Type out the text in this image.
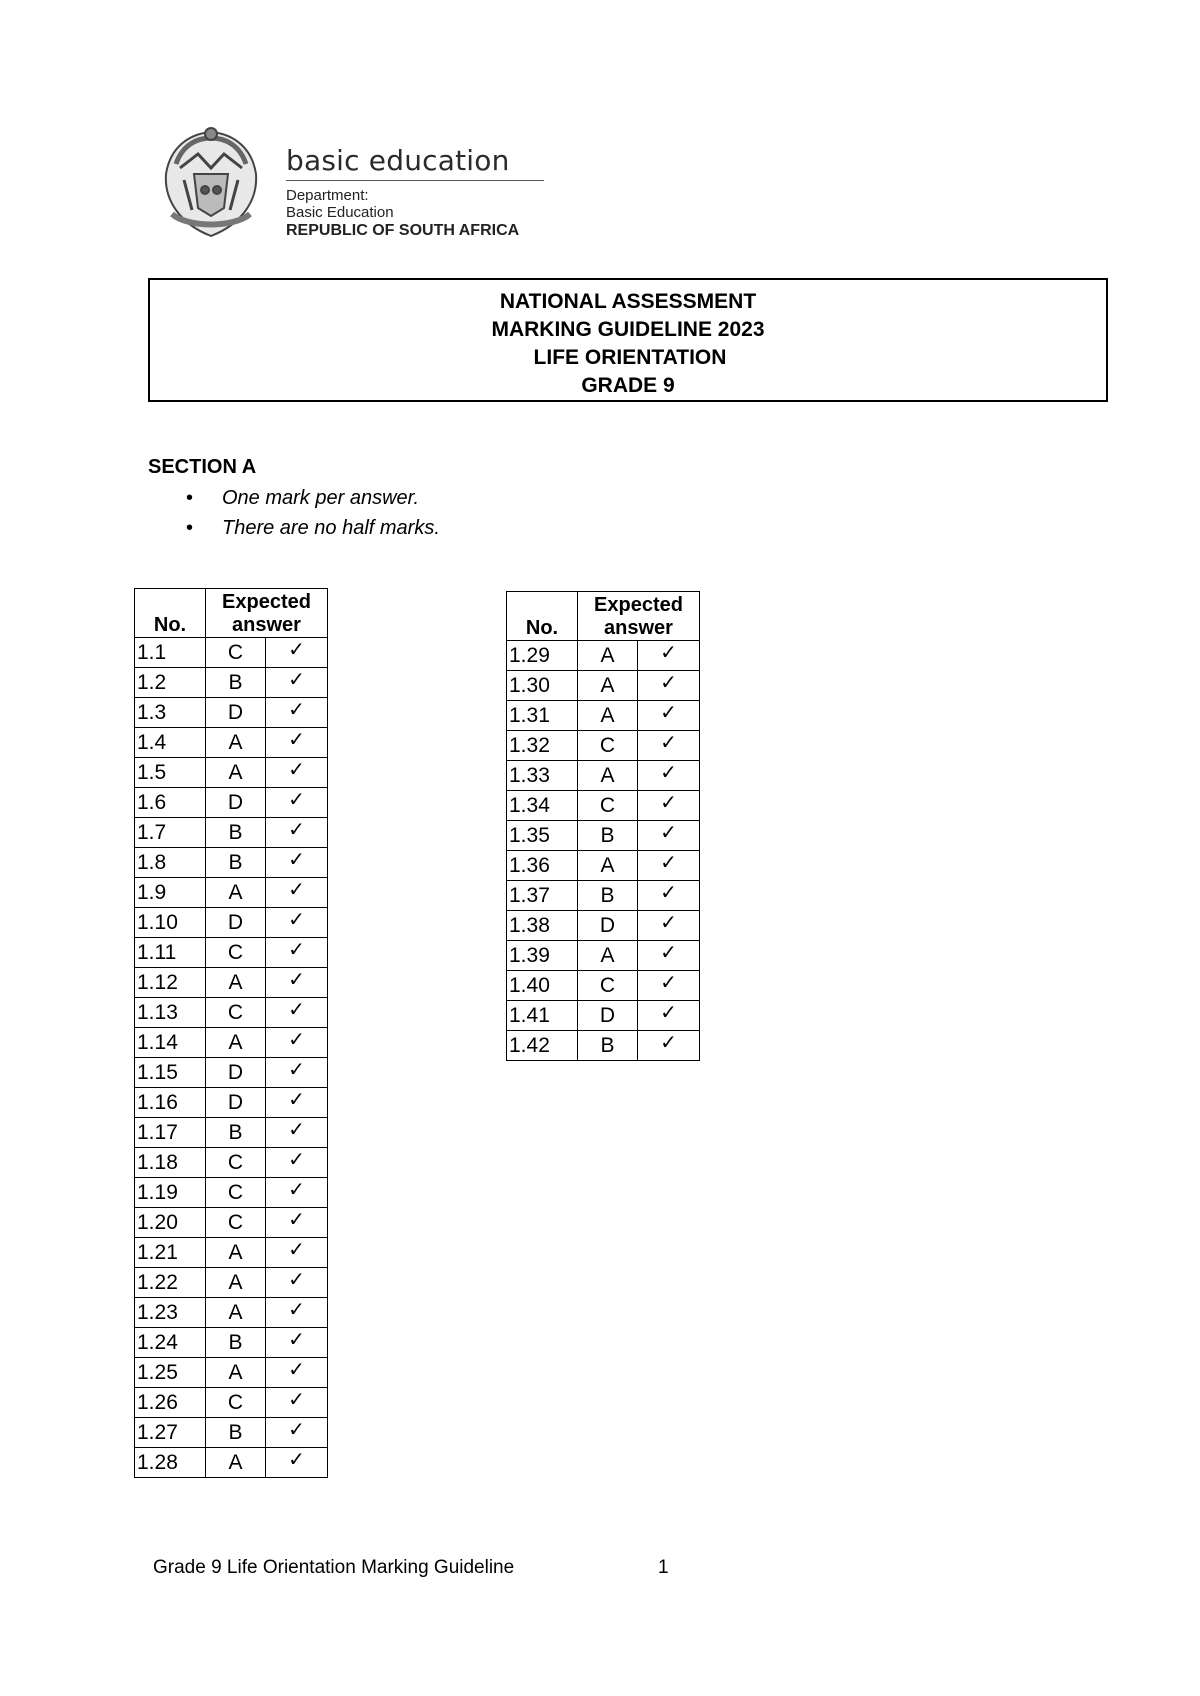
basic education
Department:
Basic Education
REPUBLIC OF SOUTH AFRICA
NATIONAL ASSESSMENT
MARKING GUIDELINE 2023
LIFE ORIENTATION
GRADE 9
SECTION A
• One mark per answer.
• There are no half marks.
No.	Expected answer	
1.1	C	✓
1.2	B	✓
1.3	D	✓
1.4	A	✓
1.5	A	✓
1.6	D	✓
1.7	B	✓
1.8	B	✓
1.9	A	✓
1.10	D	✓
1.11	C	✓
1.12	A	✓
1.13	C	✓
1.14	A	✓
1.15	D	✓
1.16	D	✓
1.17	B	✓
1.18	C	✓
1.19	C	✓
1.20	C	✓
1.21	A	✓
1.22	A	✓
1.23	A	✓
1.24	B	✓
1.25	A	✓
1.26	C	✓
1.27	B	✓
1.28	A	✓
No.	Expected answer	
1.29	A	✓
1.30	A	✓
1.31	A	✓
1.32	C	✓
1.33	A	✓
1.34	C	✓
1.35	B	✓
1.36	A	✓
1.37	B	✓
1.38	D	✓
1.39	A	✓
1.40	C	✓
1.41	D	✓
1.42	B	✓
Grade 9 Life Orientation Marking Guideline	1
